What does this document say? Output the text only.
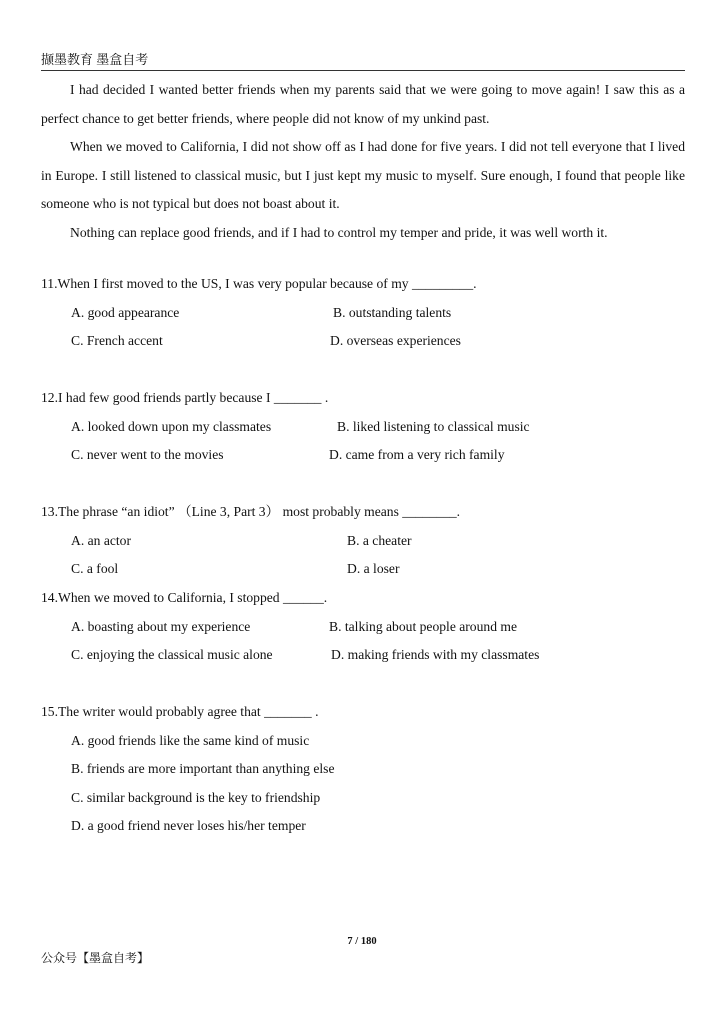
撷墨教育 墨盒自考

I had decided I wanted better friends when my parents said that we were going to move again! I saw this as a perfect chance to get better friends, where people did not know of my unkind past.

When we moved to California, I did not show off as I had done for five years. I did not tell everyone that I lived in Europe. I still listened to classical music, but I just kept my music to myself. Sure enough, I found that people like someone who is not typical but does not boast about it.

Nothing can replace good friends, and if I had to control my temper and pride, it was well worth it.

11.When I first moved to the US, I was very popular because of my _________.
A. good appearance	B. outstanding talents
C. French accent	D. overseas experiences
12.I had few good friends partly because I _______ .
A. looked down upon my classmates	B. liked listening to classical music
C. never went to the movies	D. came from a very rich family
13.The phrase “an idiot” （Line 3, Part 3） most probably means ________.
A. an actor	B. a cheater
C. a fool	D. a loser
14.When we moved to California, I stopped ______.
A. boasting about my experience	B. talking about people around me
C. enjoying the classical music alone	D. making friends with my classmates
15.The writer would probably agree that _______ .
A. good friends like the same kind of music
B. friends are more important than anything else
C. similar background is the key to friendship
D. a good friend never loses his/her temper
7 / 180
公众号【墨盒自考】
